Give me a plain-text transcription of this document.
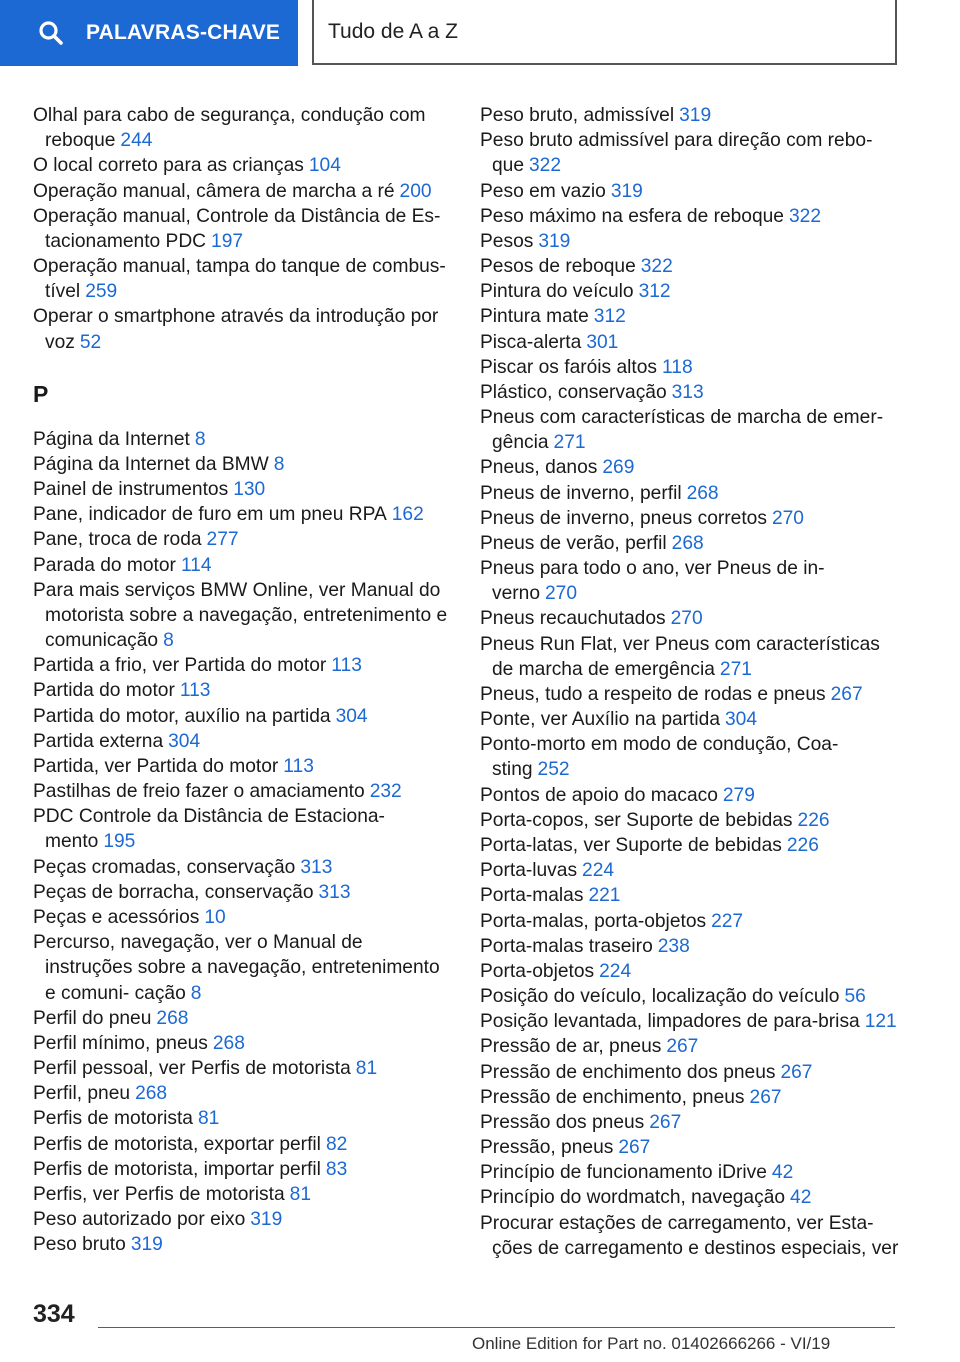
PALAVRAS-CHAVE Tudo de A a Z
Olhal para cabo de segurança, condução com reboque 244
O local correto para as crianças 104
Operação manual, câmera de marcha a ré 200
Operação manual, Controle da Distância de Es- tacionamento PDC 197
Operação manual, tampa do tanque de combus- tível 259
Operar o smartphone através da introdução por voz 52
P
Página da Internet 8
Página da Internet da BMW 8
Painel de instrumentos 130
Pane, indicador de furo em um pneu RPA 162
Pane, troca de roda 277
Parada do motor 114
Para mais serviços BMW Online, ver Manual do motorista sobre a navegação, entretenimento e comunicação 8
Partida a frio, ver Partida do motor 113
Partida do motor 113
Partida do motor, auxílio na partida 304
Partida externa 304
Partida, ver Partida do motor 113
Pastilhas de freio fazer o amaciamento 232
PDC Controle da Distância de Estaciona- mento 195
Peças cromadas, conservação 313
Peças de borracha, conservação 313
Peças e acessórios 10
Percurso, navegação, ver o Manual de instruções sobre a navegação, entretenimento e comuni- cação 8
Perfil do pneu 268
Perfil mínimo, pneus 268
Perfil pessoal, ver Perfis de motorista 81
Perfil, pneu 268
Perfis de motorista 81
Perfis de motorista, exportar perfil 82
Perfis de motorista, importar perfil 83
Perfis, ver Perfis de motorista 81
Peso autorizado por eixo 319
Peso bruto 319
Peso bruto, admissível 319
Peso bruto admissível para direção com rebo- que 322
Peso em vazio 319
Peso máximo na esfera de reboque 322
Pesos 319
Pesos de reboque 322
Pintura do veículo 312
Pintura mate 312
Pisca-alerta 301
Piscar os faróis altos 118
Plástico, conservação 313
Pneus com características de marcha de emer- gência 271
Pneus, danos 269
Pneus de inverno, perfil 268
Pneus de inverno, pneus corretos 270
Pneus de verão, perfil 268
Pneus para todo o ano, ver Pneus de in- verno 270
Pneus recauchutados 270
Pneus Run Flat, ver Pneus com características de marcha de emergência 271
Pneus, tudo a respeito de rodas e pneus 267
Ponte, ver Auxílio na partida 304
Ponto-morto em modo de condução, Coa- sting 252
Pontos de apoio do macaco 279
Porta-copos, ser Suporte de bebidas 226
Porta-latas, ver Suporte de bebidas 226
Porta-luvas 224
Porta-malas 221
Porta-malas, porta-objetos 227
Porta-malas traseiro 238
Porta-objetos 224
Posição do veículo, localização do veículo 56
Posição levantada, limpadores de para-brisa 121
Pressão de ar, pneus 267
Pressão de enchimento dos pneus 267
Pressão de enchimento, pneus 267
Pressão dos pneus 267
Pressão, pneus 267
Princípio de funcionamento iDrive 42
Princípio do wordmatch, navegação 42
Procurar estações de carregamento, ver Esta- ções de carregamento e destinos especiais, ver
334
Online Edition for Part no. 01402666266 - VI/19
